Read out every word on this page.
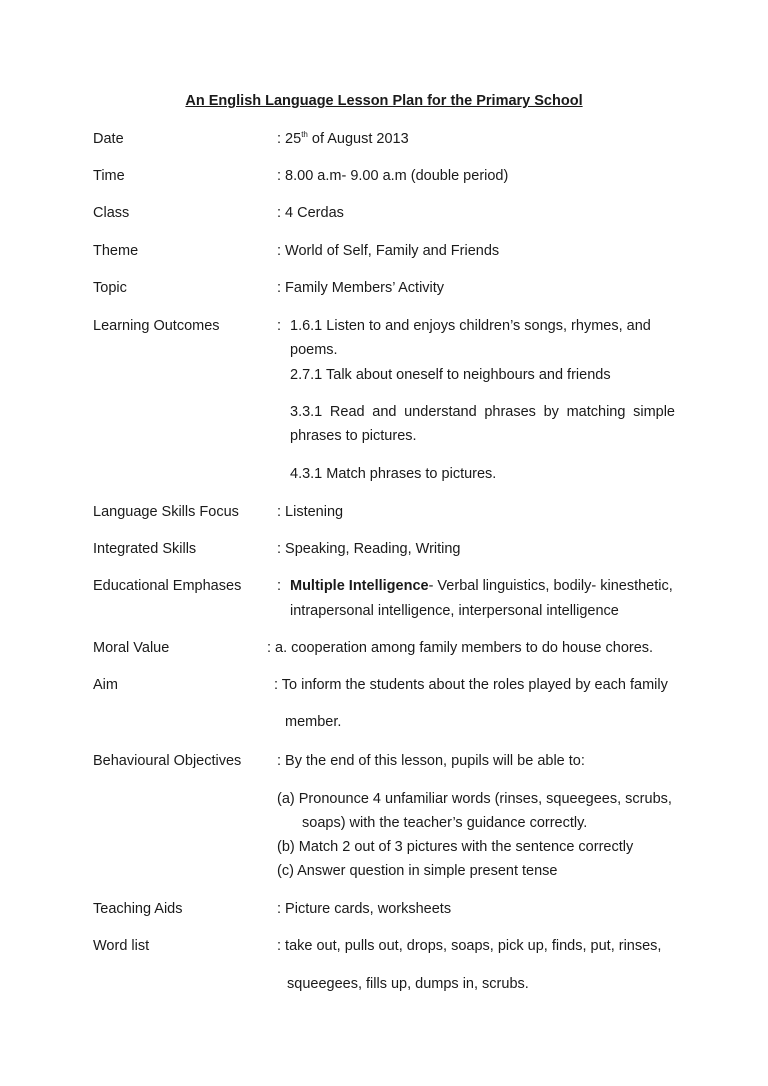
An English Language Lesson Plan for the Primary School
Date	: 25th of August 2013
Time	: 8.00 a.m- 9.00 a.m (double period)
Class	: 4 Cerdas
Theme	: World of Self, Family and Friends
Topic	: Family Members’ Activity
Learning Outcomes	: 1.6.1 Listen to and enjoys children’s songs, rhymes, and
poems.
2.7.1 Talk about oneself to neighbours and friends
3.3.1 Read and understand phrases by matching simple
phrases to pictures.
4.3.1 Match phrases to pictures.
Language Skills Focus	: Listening
Integrated Skills	: Speaking, Reading, Writing
Educational Emphases : Multiple Intelligence- Verbal linguistics, bodily- kinesthetic,
intrapersonal intelligence, interpersonal intelligence
Moral Value	: a. cooperation among family members to do house chores.
Aim	: To inform the students about the roles played by each family
member.
Behavioural Objectives : By the end of this lesson, pupils will be able to:
(a) Pronounce 4 unfamiliar words (rinses, squeegees, scrubs,
soaps) with the teacher’s guidance correctly.
(b) Match 2 out of 3 pictures with the sentence correctly
(c) Answer question in simple present tense
Teaching Aids	: Picture cards, worksheets
Word list	: take out, pulls out, drops, soaps, pick up, finds, put, rinses,
squeegees, fills up, dumps in, scrubs.
